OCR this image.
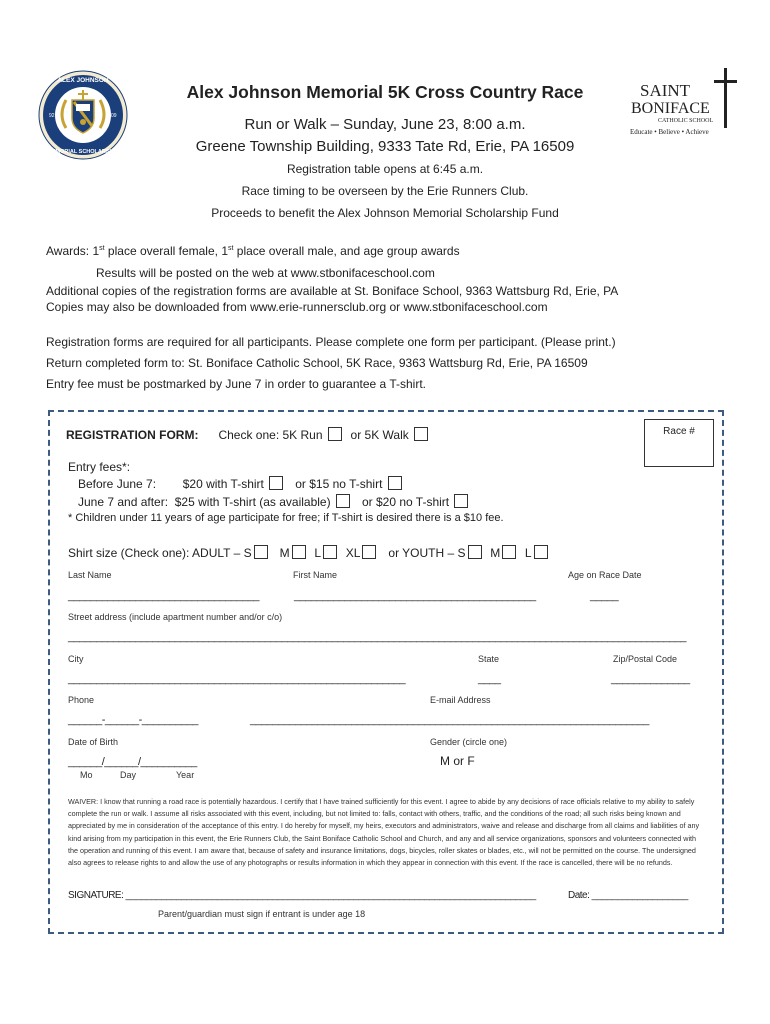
ALEX JOHNSON
MEMORIAL SCHOLARSHIP
92	09
SAINT
BONIFACE
CATHOLIC SCHOOL
Educate • Believe • Achieve
Alex Johnson Memorial 5K Cross Country Race
Run or Walk – Sunday, June 23, 8:00 a.m.
Greene Township Building, 9333 Tate Rd, Erie, PA 16509
Registration table opens at 6:45 a.m.
Race timing to be overseen by the Erie Runners Club.
Proceeds to benefit the Alex Johnson Memorial Scholarship Fund
Awards: 1st place overall female, 1st place overall male, and age group awards
Results will be posted on the web at www.stbonifaceschool.com
Additional copies of the registration forms are available at St. Boniface School, 9363 Wattsburg Rd, Erie, PA
Copies may also be downloaded from www.erie-runnersclub.org or www.stbonifaceschool.com
Registration forms are required for all participants. Please complete one form per participant. (Please print.)
Return completed form to: St. Boniface Catholic School, 5K Race, 9363 Wattsburg Rd, Erie, PA 16509
Entry fee must be postmarked by June 7 in order to guarantee a T-shirt.
Race #
REGISTRATION FORM: Check one: 5K Run or 5K Walk
Entry fees*:
Before June 7: $20 with T-shirt	or $15 no T-shirt
June 7 and after: $25 with T-shirt (as available)	or $20 no T-shirt
* Children under 11 years of age participate for free; if T-shirt is desired there is a $10 fee.
Shirt size (Check one): ADULT – S M L XL or YOUTH – S M L
Last Name	First Name	Age on Race Date
__________________________________	___________________________________________	_____
Street address (include apartment number and/or c/o)
______________________________________________________________________________________________________________
City	State	Zip/Postal Code
____________________________________________________________	____	______________
Phone	E-mail Address
______-______-__________	_______________________________________________________________________
Date of Birth	Gender (circle one)
______/______/__________	M or F
Mo	Day	Year
WAIVER: I know that running a road race is potentially hazardous. I certify that I have trained sufficiently for this event. I agree to abide by any decisions of race officials relative to my ability to safely complete the run or walk. I assume all risks associated with this event, including, but not limited to: falls, contact with others, traffic, and the conditions of the road; all such risks being known and appreciated by me in consideration of the acceptance of this entry. I do hereby for myself, my heirs, executors and administrators, waive and release and discharge from all claims and liabilities of any kind arising from my participation in this event, the Erie Runners Club, the Saint Boniface Catholic School and Church, and any and all service organizations, sponsors and volunteers connected with the operation and running of this event. I am aware that, because of safety and insurance limitations, dogs, bicycles, roller skates or blades, etc., will not be permitted on the course. The undersigned also agrees to release rights to and allow the use of any photographs or results information in which they appear in connection with this event. If the race is cancelled, there will be no refunds.
SIGNATURE: _________________________________________________________________________________	Date: ___________________
Parent/guardian must sign if entrant is under age 18
